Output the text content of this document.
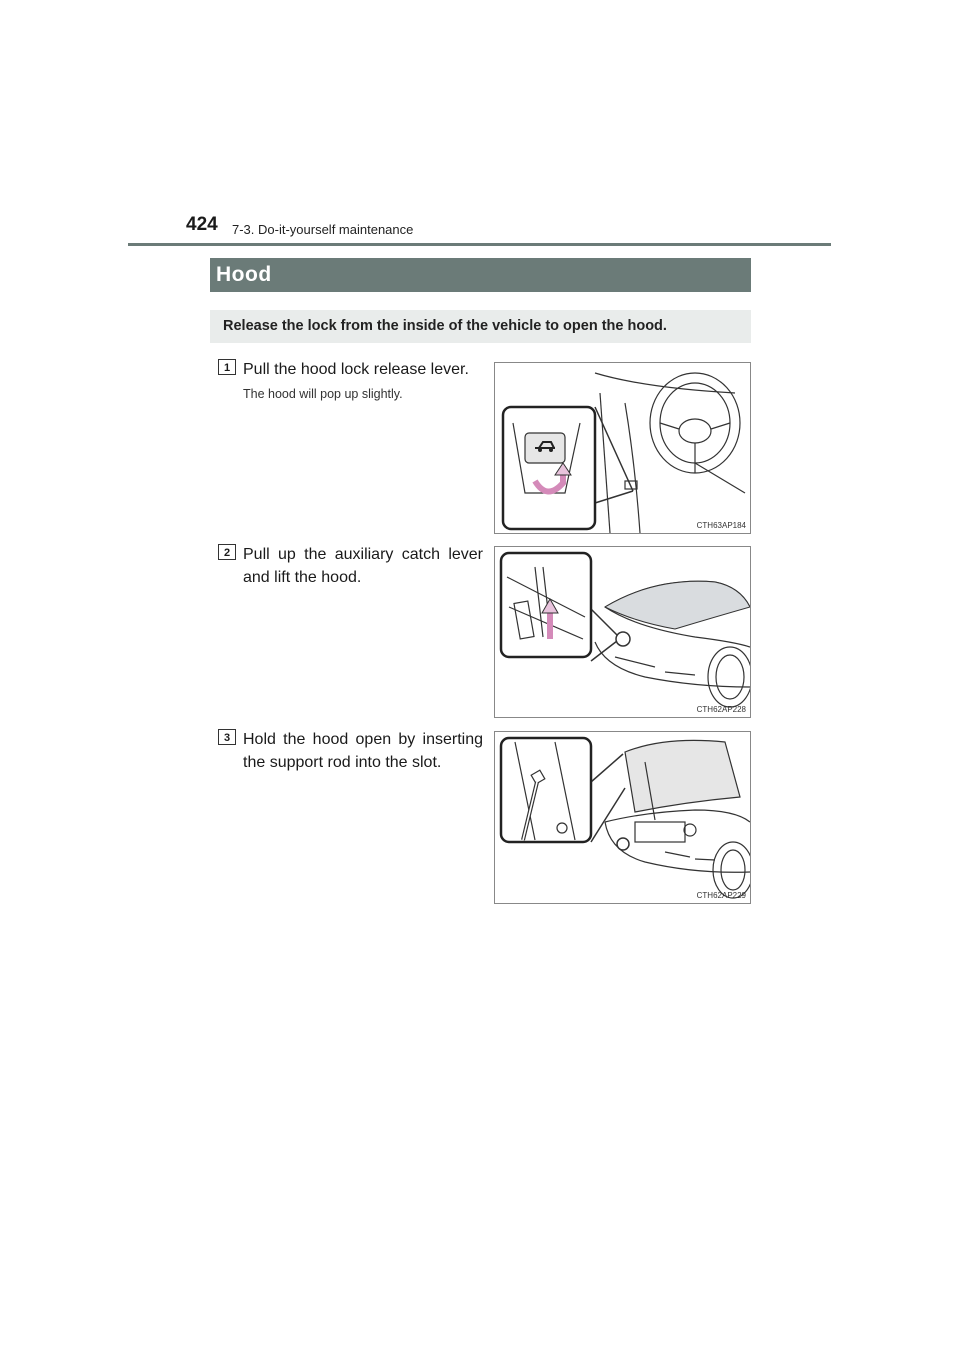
424 7-3. Do-it-yourself maintenance
Hood
Release the lock from the inside of the vehicle to open the hood.
1 Pull the hood lock release lever.
The hood will pop up slightly.
CTH63AP184
2 Pull up the auxiliary catch lever and lift the hood.
CTH62AP228
3 Hold the hood open by inserting the support rod into the slot.
CTH62AP229
